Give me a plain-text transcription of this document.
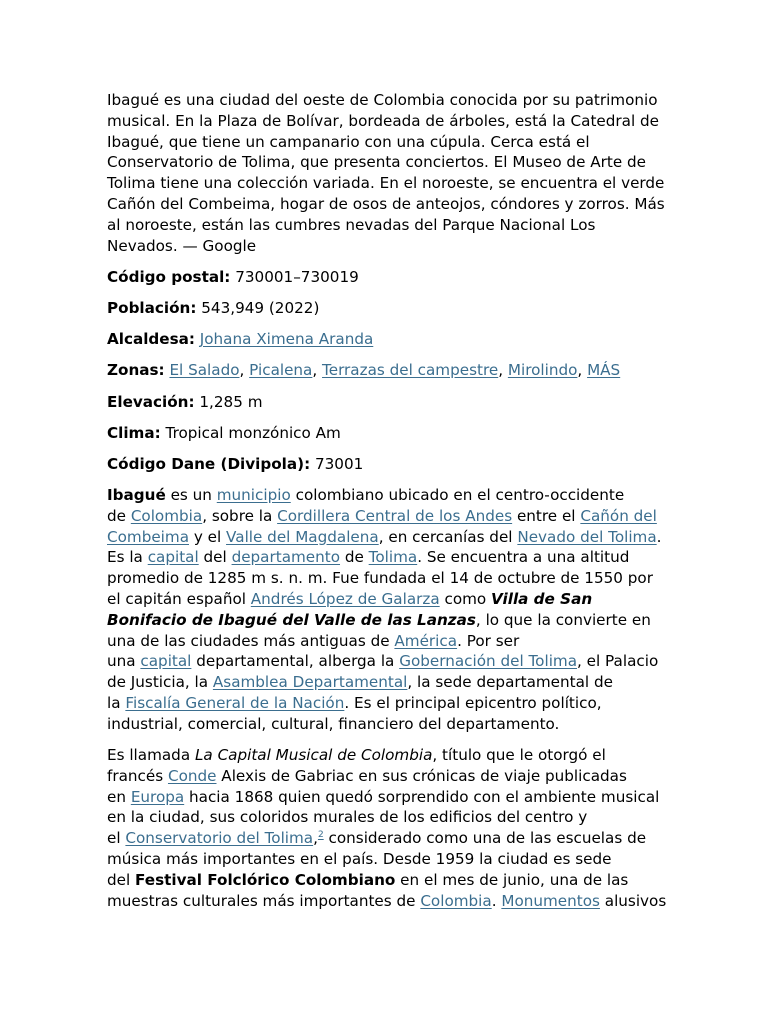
Ibagué es una ciudad del oeste de Colombia conocida por su patrimonio

musical. En la Plaza de Bolívar, bordeada de árboles, está la Catedral de

Ibagué, que tiene un campanario con una cúpula. Cerca está el

Conservatorio de Tolima, que presenta conciertos. El Museo de Arte de

Tolima tiene una colección variada. En el noroeste, se encuentra el verde

Cañón del Combeima, hogar de osos de anteojos, cóndores y zorros. Más

al noroeste, están las cumbres nevadas del Parque Nacional Los

Nevados. — Google

Código postal: 730001–730019

Población: 543,949 (2022)

Alcaldesa: Johana Ximena Aranda

Zonas: El Salado, Picalena, Terrazas del campestre, Mirolindo, MÁS

Elevación: 1,285 m

Clima: Tropical monzónico Am

Código Dane (Divipola): 73001

Ibagué es un municipio colombiano ubicado en el centro-occidente

de Colombia, sobre la Cordillera Central de los Andes entre el Cañón del

Combeima y el Valle del Magdalena, en cercanías del Nevado del Tolima.

Es la capital del departamento de Tolima. Se encuentra a una altitud

promedio de 1285 m s. n. m. Fue fundada el 14 de octubre de 1550 por

el capitán español Andrés López de Galarza como Villa de San

Bonifacio de Ibagué del Valle de las Lanzas, lo que la convierte en

una de las ciudades más antiguas de América. Por ser

una capital departamental, alberga la Gobernación del Tolima, el Palacio

de Justicia, la Asamblea Departamental, la sede departamental de

la Fiscalía General de la Nación. Es el principal epicentro político,

industrial, comercial, cultural, financiero del departamento.

Es llamada La Capital Musical de Colombia, título que le otorgó el

francés Conde Alexis de Gabriac en sus crónicas de viaje publicadas

en Europa hacia 1868 quien quedó sorprendido con el ambiente musical

en la ciudad, sus coloridos murales de los edificios del centro y

el Conservatorio del Tolima,$^2$ considerado como una de las escuelas de

música más importantes en el país. Desde 1959 la ciudad es sede

del Festival Folclórico Colombiano en el mes de junio, una de las

muestras culturales más importantes de Colombia. Monumentos alusivos
